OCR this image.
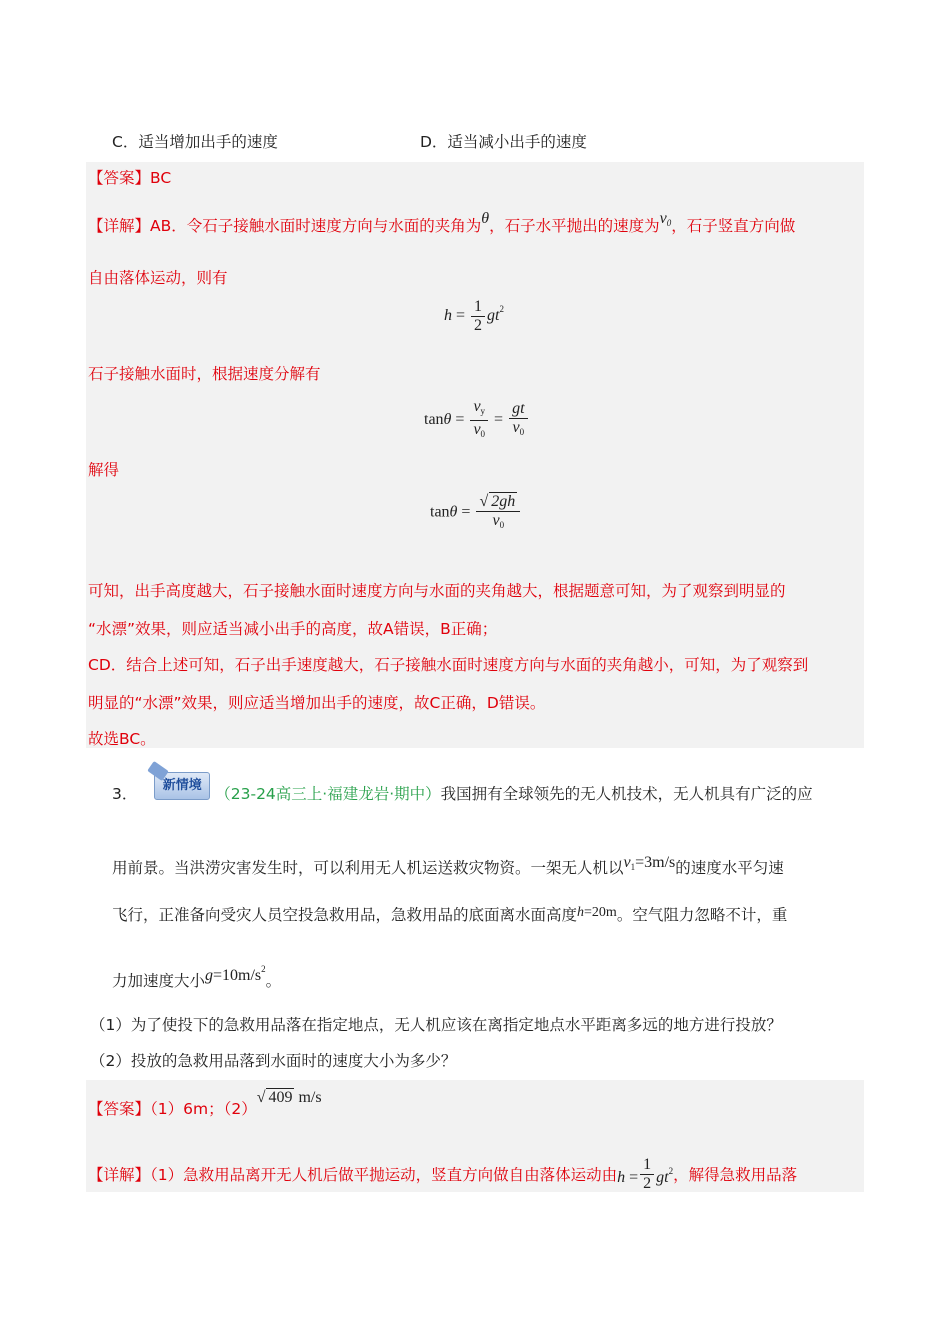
C．适当增加出手的速度	D．适当减小出手的速度
【答案】BC
【详解】AB．令石子接触水面时速度方向与水面的夹角为θ，石子水平抛出的速度为$v_0$，石子竖直方向做
自由落体运动，则有
$h = \frac{1}{2} gt^2$
石子接触水面时，根据速度分解有
$\tan\theta = \frac{v_y}{v_0} = \frac{gt}{v_0}$
解得
$\tan\theta = \frac{√ 2gh}{v_0}$
可知，出手高度越大，石子接触水面时速度方向与水面的夹角越大，根据题意可知，为了观察到明显的
“水漂”效果，则应适当减小出手的高度，故A错误，B正确；
CD．结合上述可知，石子出手速度越大，石子接触水面时速度方向与水面的夹角越小，可知，为了观察到
明显的“水漂”效果，则应适当增加出手的速度，故C正确，D错误。
故选BC。
3． 新情境 （23-24高三上·福建龙岩·期中）我国拥有全球领先的无人机技术，无人机具有广泛的应
用前景。当洪涝灾害发生时，可以利用无人机运送救灾物资。一架无人机以$v_1=3m/s$的速度水平匀速
飞行，正准备向受灾人员空投急救用品，急救用品的底面离水面高度h=20m。空气阻力忽略不计，重
力加速度大小$g=10m/s^2$。
（1）为了使投下的急救用品落在指定地点，无人机应该在离指定地点水平距离多远的地方进行投放？
（2）投放的急救用品落到水面时的速度大小为多少？
【答案】（1）6m；（2）√ 409 m/s
【详解】（1）急救用品离开无人机后做平抛运动，竖直方向做自由落体运动由$h = \frac{1}{2} gt^2$，解得急救用品落
